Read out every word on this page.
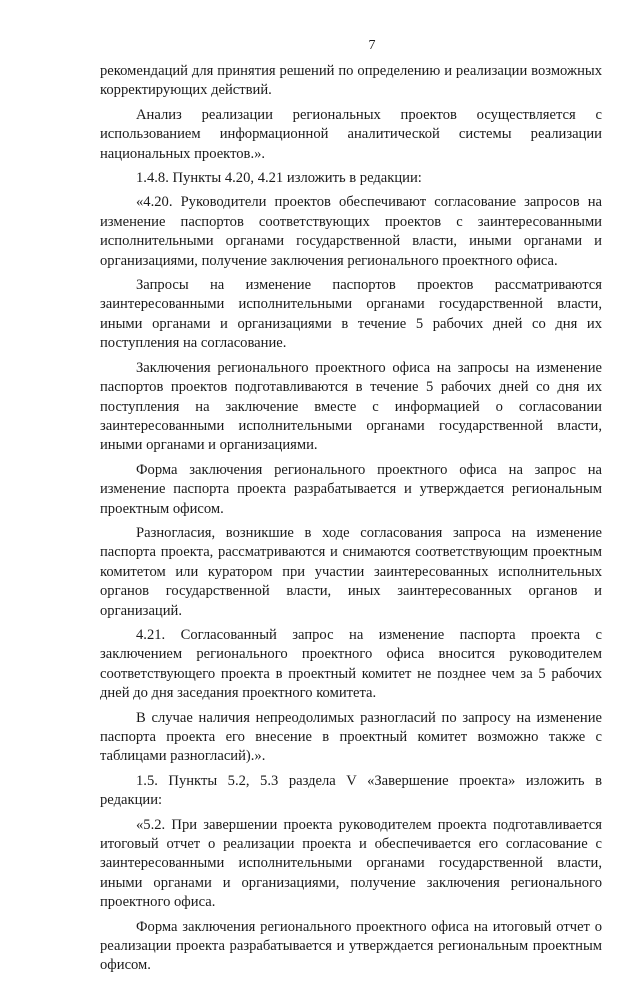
7

рекомендаций для принятия решений по определению и реализации возможных корректирующих действий.

Анализ реализации региональных проектов осуществляется с использованием информационной аналитической системы реализации национальных проектов.».

1.4.8. Пункты 4.20, 4.21 изложить в редакции:

«4.20. Руководители проектов обеспечивают согласование запросов на изменение паспортов соответствующих проектов с заинтересованными исполнительными органами государственной власти, иными органами и организациями, получение заключения регионального проектного офиса.

Запросы на изменение паспортов проектов рассматриваются заинтересованными исполнительными органами государственной власти, иными органами и организациями в течение 5 рабочих дней со дня их поступления на согласование.

Заключения регионального проектного офиса на запросы на изменение паспортов проектов подготавливаются в течение 5 рабочих дней со дня их поступления на заключение вместе с информацией о согласовании заинтересованными исполнительными органами государственной власти, иными органами и организациями.

Форма заключения регионального проектного офиса на запрос на изменение паспорта проекта разрабатывается и утверждается региональным проектным офисом.

Разногласия, возникшие в ходе согласования запроса на изменение паспорта проекта, рассматриваются и снимаются соответствующим проектным комитетом или куратором при участии заинтересованных исполнительных органов государственной власти, иных заинтересованных органов и организаций.

4.21. Согласованный запрос на изменение паспорта проекта с заключением регионального проектного офиса вносится руководителем соответствующего проекта в проектный комитет не позднее чем за 5 рабочих дней до дня заседания проектного комитета.

В случае наличия непреодолимых разногласий по запросу на изменение паспорта проекта его внесение в проектный комитет возможно также с таблицами разногласий).».

1.5. Пункты 5.2, 5.3 раздела V «Завершение проекта» изложить в редакции:

«5.2. При завершении проекта руководителем проекта подготавливается итоговый отчет о реализации проекта и обеспечивается его согласование с заинтересованными исполнительными органами государственной власти, иными органами и организациями, получение заключения регионального проектного офиса.

Форма заключения регионального проектного офиса на итоговый отчет о реализации проекта разрабатывается и утверждается региональным проектным офисом.
